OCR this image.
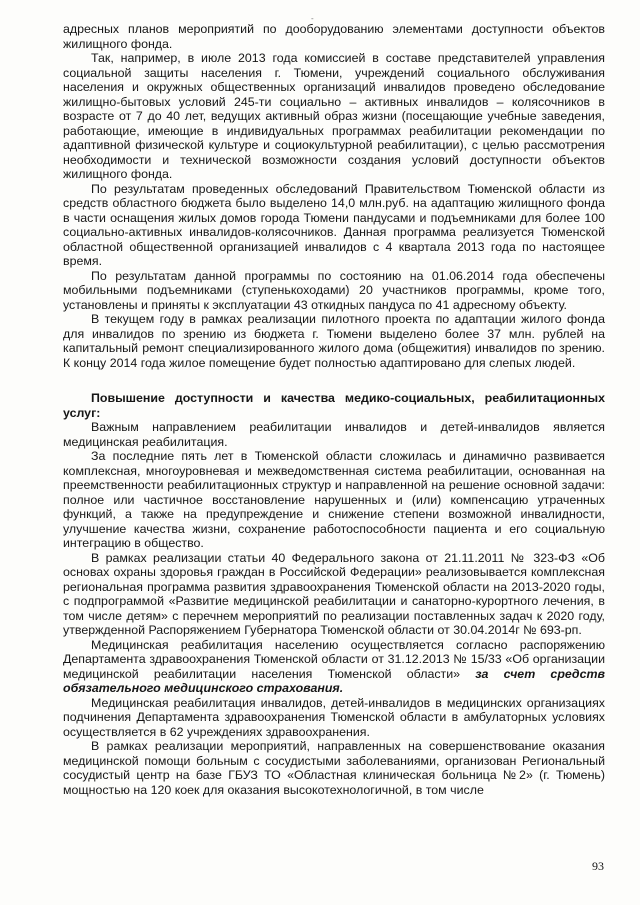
-

адресных планов мероприятий по дооборудованию элементами доступности объектов жилищного фонда.

Так, например, в июле 2013 года комиссией в составе представителей управления социальной защиты населения г. Тюмени, учреждений социального обслуживания населения и окружных общественных организаций инвалидов проведено обследование жилищно-бытовых условий 245-ти социально – активных инвалидов – колясочников в возрасте от 7 до 40 лет, ведущих активный образ жизни (посещающие учебные заведения, работающие, имеющие в индивидуальных программах реабилитации рекомендации по адаптивной физической культуре и социокультурной реабилитации), с целью рассмотрения необходимости и технической возможности создания условий доступности объектов жилищного фонда.

По результатам проведенных обследований Правительством Тюменской области из средств областного бюджета было выделено 14,0 млн.руб. на адаптацию жилищного фонда в части оснащения жилых домов города Тюмени пандусами и подъемниками для более 100 социально-активных инвалидов-колясочников. Данная программа реализуется Тюменской областной общественной организацией инвалидов с 4 квартала 2013 года по настоящее время.

По результатам данной программы по состоянию на 01.06.2014 года обеспечены мобильными подъемниками (ступенькоходами) 20 участников программы, кроме того, установлены и приняты к эксплуатации 43 откидных пандуса по 41 адресному объекту.

В текущем году в рамках реализации пилотного проекта по адаптации жилого фонда для инвалидов по зрению из бюджета г. Тюмени выделено более 37 млн. рублей на капитальный ремонт специализированного жилого дома (общежития) инвалидов по зрению. К концу 2014 года жилое помещение будет полностью адаптировано для слепых людей.

Повышение доступности и качества медико-социальных, реабилитационных услуг:

Важным направлением реабилитации инвалидов и детей-инвалидов является медицинская реабилитация.

За последние пять лет в Тюменской области сложилась и динамично развивается комплексная, многоуровневая и межведомственная система реабилитации, основанная на преемственности реабилитационных структур и направленной на решение основной задачи: полное или частичное восстановление нарушенных и (или) компенсацию утраченных функций, а также на предупреждение и снижение степени возможной инвалидности, улучшение качества жизни, сохранение работоспособности пациента и его социальную интеграцию в общество.

В рамках реализации статьи 40 Федерального закона от 21.11.2011 № 323-ФЗ «Об основах охраны здоровья граждан в Российской Федерации» реализовывается комплексная региональная программа развития здравоохранения Тюменской области на 2013-2020 годы, с подпрограммой «Развитие медицинской реабилитации и санаторно-курортного лечения, в том числе детям» с перечнем мероприятий по реализации поставленных задач к 2020 году, утвержденной Распоряжением Губернатора Тюменской области от 30.04.2014г № 693-рп.

Медицинская реабилитация населению осуществляется согласно распоряжению Департамента здравоохранения Тюменской области от 31.12.2013 № 15/33 «Об организации медицинской реабилитации населения Тюменской области» за счет средств обязательного медицинского страхования.

Медицинская реабилитация инвалидов, детей-инвалидов в медицинских организациях подчинения Департамента здравоохранения Тюменской области в амбулаторных условиях осуществляется в 62 учреждениях здравоохранения.

В рамках реализации мероприятий, направленных на совершенствование оказания медицинской помощи больным с сосудистыми заболеваниями, организован Региональный сосудистый центр на базе ГБУЗ ТО «Областная клиническая больница №2» (г. Тюмень) мощностью на 120 коек для оказания высокотехнологичной, в том числе

93
